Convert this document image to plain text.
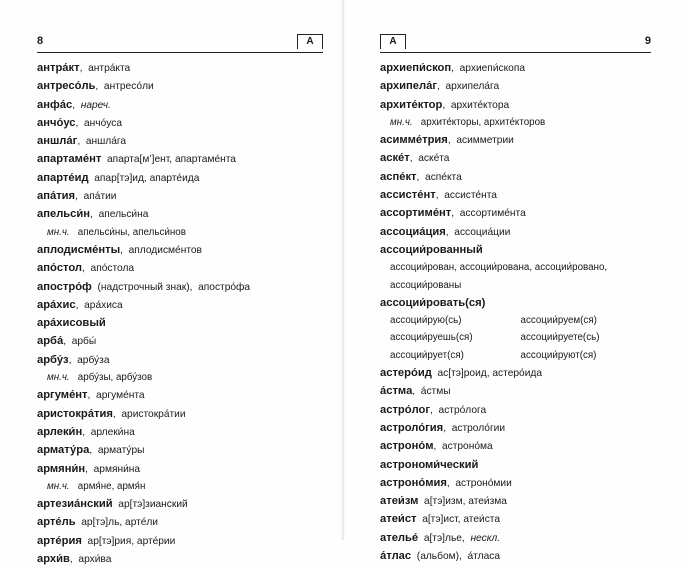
8	А
антракт,  антра́кта
антресоль,  антресо́ли
анфас,  нареч.
анчоус,  анчо́уса
аншлаг,  аншла́га
апартамент апарта[м’]ент, апартаме́нта
апартеид апар[тэ]ид, апарте́ида
апатия,  апа́тии
апельсин,  апельси́на
мн.ч. апельси́ны, апельси́нов
аплодисменты,  аплодисме́нтов
апостол,  апо́стола
апостроф (надстрочный знак), апостро́фа
арахис,  ара́хиса
арахисовый
арба,  арбы́
арбуз,  арбу́за
мн.ч. арбу́зы, арбу́зов
аргумент,  аргуме́нта
аристократия,  аристокра́тии
арлекин,  арлеки́на
арматура,  армату́ры
армянин,  армяни́на
мн.ч. армя́не, армя́н
артезианский ар[тэ]зианский
артель ар[тэ]ль, арте́ли
артерия ар[тэ]рия, арте́рии
архив,  архи́ва
А	9
архиепископ,  архиепи́скопа
архипелаг,  архипела́га
архитектор,  архите́ктора
мн.ч. архите́кторы, архите́кторов
асимметрия,  асимметрии
аскет,  аске́та
аспект,  аспе́кта
ассистент,  ассисте́нта
ассортимент,  ассортиме́нта
ассоциация,  ассоциа́ции
ассоциированный
ассоции́рован, ассоции́рована, ассоции́ровано,
ассоции́рованы
ассоциировать(ся)
ассоции́рую(сь)	ассоции́руем(ся)
ассоции́руешь(ся)	ассоции́руете(сь)
ассоции́рует(ся)	ассоции́руют(ся)
астероид ас[тэ]роид, астеро́ида
астма,  а́стмы
астролог,  астро́лога
астрология,  астроло́гии
астроном,  астроно́ма
астрономический
астрономия,  астроно́мии
атеизм а[тэ]изм, атеи́зма
атеист а[тэ]ист, атеи́ста
ателье а[тэ]лье, нескл.
атлас (альбом), а́тласа
